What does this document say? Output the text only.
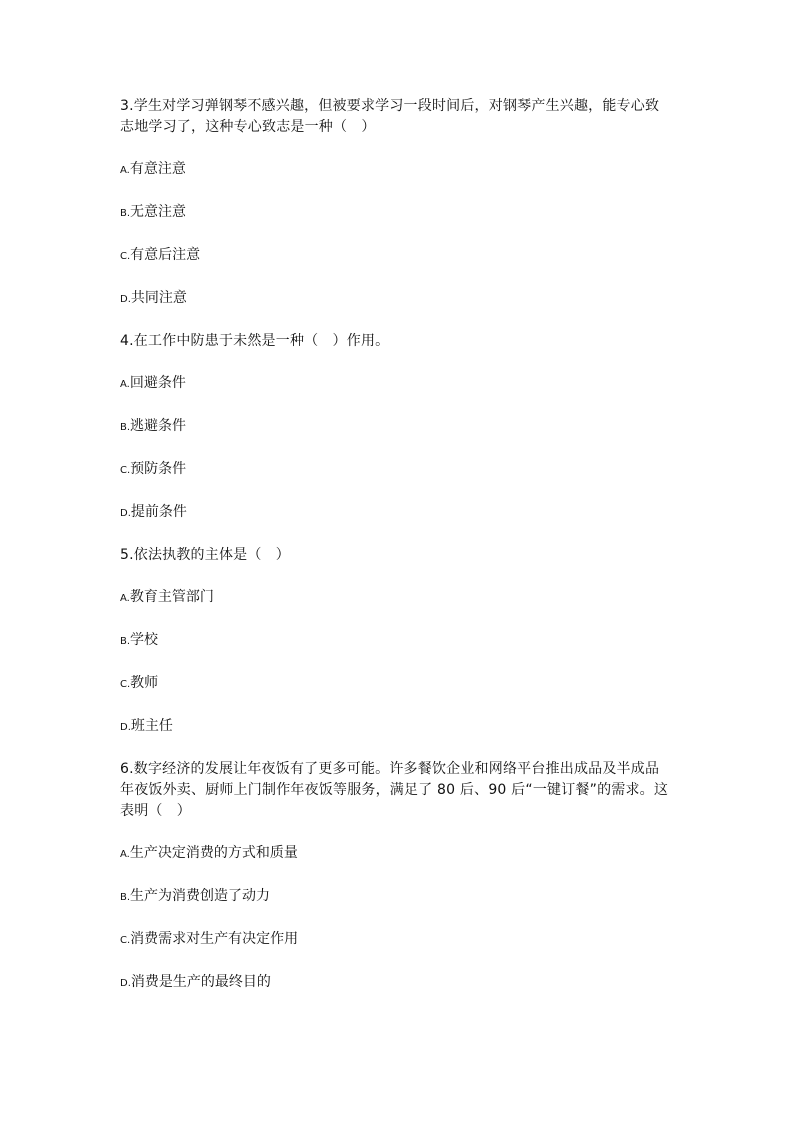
3.学生对学习弹钢琴不感兴趣，但被要求学习一段时间后，对钢琴产生兴趣，能专心致志地学习了，这种专心致志是一种（　）

A.有意注意

B.无意注意

C.有意后注意

D.共同注意

4.在工作中防患于未然是一种（　）作用。

A.回避条件

B.逃避条件

C.预防条件

D.提前条件

5.依法执教的主体是（　）

A.教育主管部门

B.学校

C.教师

D.班主任

6.数字经济的发展让年夜饭有了更多可能。许多餐饮企业和网络平台推出成品及半成品年夜饭外卖、厨师上门制作年夜饭等服务，满足了 80 后、90 后“一键订餐”的需求。这表明（　）

A.生产决定消费的方式和质量

B.生产为消费创造了动力

C.消费需求对生产有决定作用

D.消费是生产的最终目的
